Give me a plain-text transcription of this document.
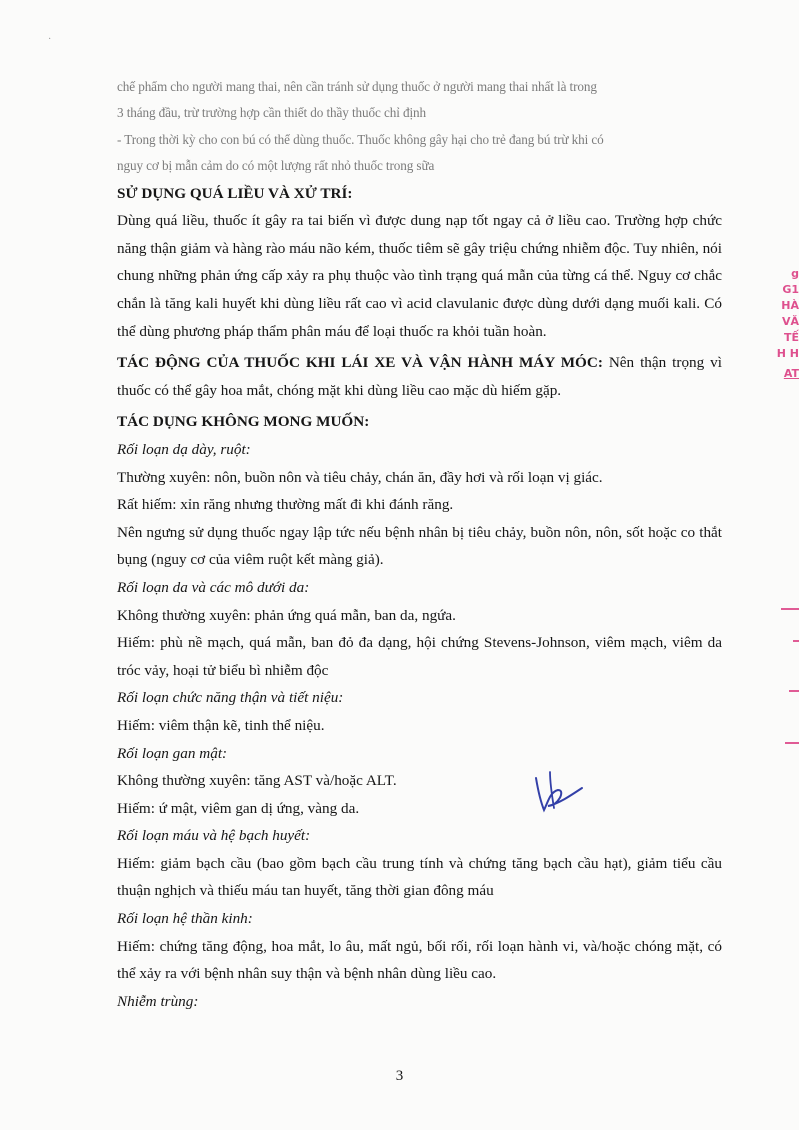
·
g
G1
HÀ
VĂ
TẾ
H H
AT

chế phẩm cho người mang thai, nên cần tránh sử dụng thuốc ở người mang thai nhất là trong

3 tháng đầu, trừ trường hợp cần thiết do thầy thuốc chỉ định

- Trong thời kỳ cho con bú có thể dùng thuốc. Thuốc không gây hại cho trẻ đang bú trừ khi có

nguy cơ bị mẫn cảm do có một lượng rất nhỏ thuốc trong sữa

SỬ DỤNG QUÁ LIỀU VÀ XỬ TRÍ:

Dùng quá liều, thuốc ít gây ra tai biến vì được dung nạp tốt ngay cả ở liều cao. Trường hợp chức năng thận giảm và hàng rào máu não kém, thuốc tiêm sẽ gây triệu chứng nhiễm độc. Tuy nhiên, nói chung những phản ứng cấp xảy ra phụ thuộc vào tình trạng quá mẫn của từng cá thể. Nguy cơ chắc chắn là tăng kali huyết khi dùng liều rất cao vì acid clavulanic được dùng dưới dạng muối kali. Có thể dùng phương pháp thẩm phân máu để loại thuốc ra khỏi tuần hoàn.

TÁC ĐỘNG CỦA THUỐC KHI LÁI XE VÀ VẬN HÀNH MÁY MÓC: Nên thận trọng vì thuốc có thể gây hoa mắt, chóng mặt khi dùng liều cao mặc dù hiếm gặp.

TÁC DỤNG KHÔNG MONG MUỐN:

Rối loạn dạ dày, ruột:

Thường xuyên: nôn, buồn nôn và tiêu chảy, chán ăn, đầy hơi và rối loạn vị giác.

Rất hiếm: xỉn răng nhưng thường mất đi khi đánh răng.

Nên ngưng sử dụng thuốc ngay lập tức nếu bệnh nhân bị tiêu chảy, buồn nôn, nôn, sốt hoặc co thắt bụng (nguy cơ của viêm ruột kết màng giả).

Rối loạn da và các mô dưới da:

Không thường xuyên: phản ứng quá mẫn, ban da, ngứa.

Hiếm: phù nề mạch, quá mẫn, ban đỏ đa dạng, hội chứng Stevens-Johnson, viêm mạch, viêm da tróc vảy, hoại tử biểu bì nhiễm độc

Rối loạn chức năng thận và tiết niệu:

Hiếm: viêm thận kẽ, tinh thể niệu.

Rối loạn gan mật:

Không thường xuyên: tăng AST và/hoặc ALT.

Hiếm: ứ mật, viêm gan dị ứng, vàng da.

Rối loạn máu và hệ bạch huyết:

Hiếm: giảm bạch cầu (bao gồm bạch cầu trung tính và chứng tăng bạch cầu hạt), giảm tiểu cầu thuận nghịch và thiếu máu tan huyết, tăng thời gian đông máu

Rối loạn hệ thần kinh:

Hiếm: chứng tăng động, hoa mắt, lo âu, mất ngủ, bối rối, rối loạn hành vi, và/hoặc chóng mặt, có thể xảy ra với bệnh nhân suy thận và bệnh nhân dùng liều cao.

Nhiễm trùng:

3
